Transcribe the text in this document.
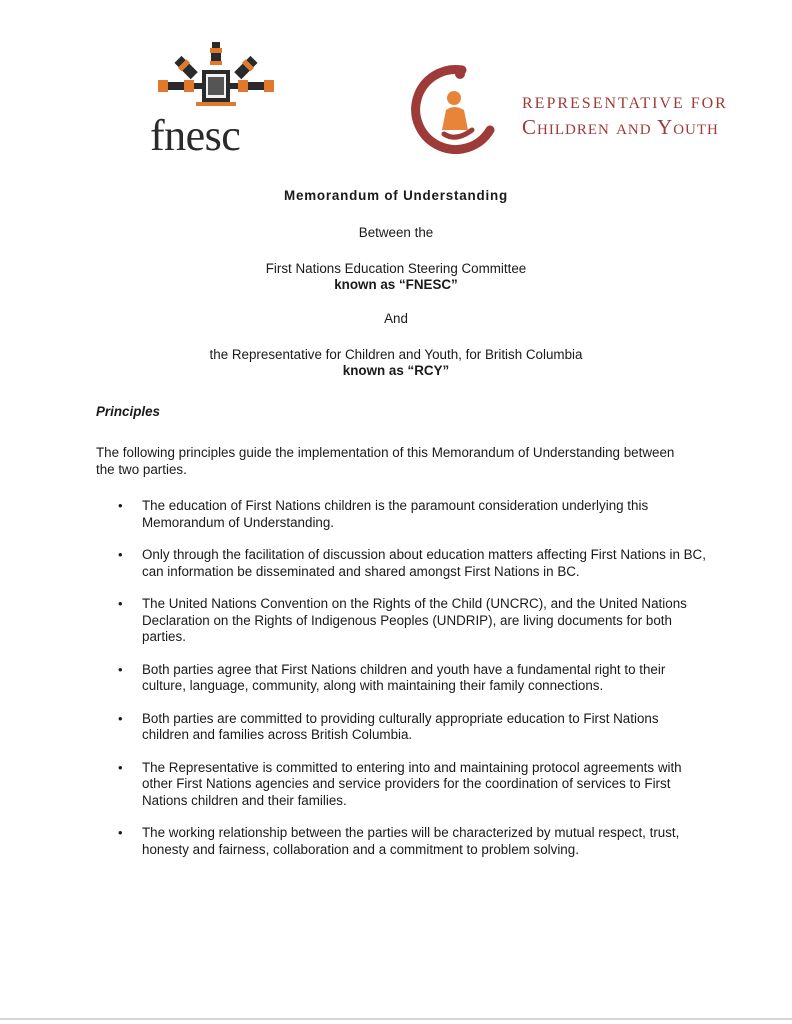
fnesc
REPRESENTATIVE FOR
Children and Youth
Memorandum of Understanding
Between the
First Nations Education Steering Committee
known as “FNESC”
And
the Representative for Children and Youth, for British Columbia
known as “RCY”
Principles
The following principles guide the implementation of this Memorandum of Understanding between the two parties.
• The education of First Nations children is the paramount consideration underlying this Memorandum of Understanding.
• Only through the facilitation of discussion about education matters affecting First Nations in BC, can information be disseminated and shared amongst First Nations in BC.
• The United Nations Convention on the Rights of the Child (UNCRC), and the United Nations Declaration on the Rights of Indigenous Peoples (UNDRIP), are living documents for both parties.
• Both parties agree that First Nations children and youth have a fundamental right to their culture, language, community, along with maintaining their family connections.
• Both parties are committed to providing culturally appropriate education to First Nations children and families across British Columbia.
• The Representative is committed to entering into and maintaining protocol agreements with other First Nations agencies and service providers for the coordination of services to First Nations children and their families.
• The working relationship between the parties will be characterized by mutual respect, trust, honesty and fairness, collaboration and a commitment to problem solving.
